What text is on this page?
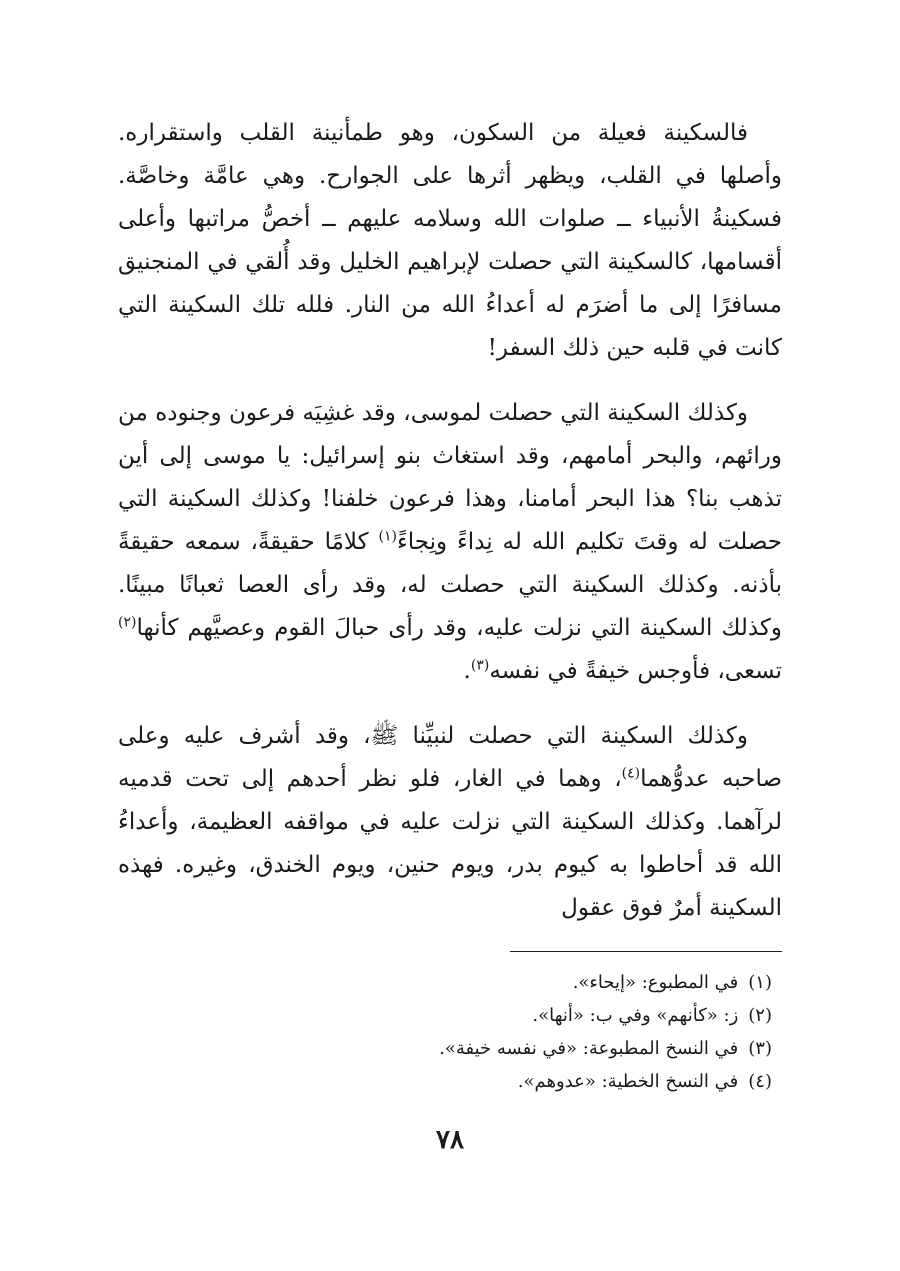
فالسكينة فعيلة من السكون، وهو طمأنينة القلب واستقراره. وأصلها في القلب، ويظهر أثرها على الجوارح. وهي عامَّة وخاصَّة. فسكينةُ الأنبياء ــ صلوات الله وسلامه عليهم ــ أخصُّ مراتبها وأعلى أقسامها، كالسكينة التي حصلت لإبراهيم الخليل وقد أُلقي في المنجنيق مسافرًا إلى ما أضرَم له أعداءُ الله من النار. فلله تلك السكينة التي كانت في قلبه حين ذلك السفر!

وكذلك السكينة التي حصلت لموسى، وقد غشِيَه فرعون وجنوده من ورائهم، والبحر أمامهم، وقد استغاث بنو إسرائيل: يا موسى إلى أين تذهب بنا؟ هذا البحر أمامنا، وهذا فرعون خلفنا! وكذلك السكينة التي حصلت له وقتَ تكليم الله له نِداءً ونِجاءً$^{(١)}$ كلامًا حقيقةً، سمعه حقيقةً بأذنه. وكذلك السكينة التي حصلت له، وقد رأى العصا ثعبانًا مبينًا. وكذلك السكينة التي نزلت عليه، وقد رأى حبالَ القوم وعصيَّهم كأنها$^{(٢)}$ تسعى، فأوجس خيفةً في نفسه$^{(٣)}$.

وكذلك السكينة التي حصلت لنبيِّنا ﷺ، وقد أشرف عليه وعلى صاحبه عدوُّهما$^{(٤)}$، وهما في الغار، فلو نظر أحدهم إلى تحت قدميه لرآهما. وكذلك السكينة التي نزلت عليه في مواقفه العظيمة، وأعداءُ الله قد أحاطوا به كيوم بدر، ويوم حنين، ويوم الخندق، وغيره. فهذه السكينة أمرٌ فوق عقول

(١)في المطبوع: «إيحاء».
(٢)ز: «كأنهم» وفي ب: «أنها».
(٣)في النسخ المطبوعة: «في نفسه خيفة».
(٤)في النسخ الخطية: «عدوهم».
٧٨
